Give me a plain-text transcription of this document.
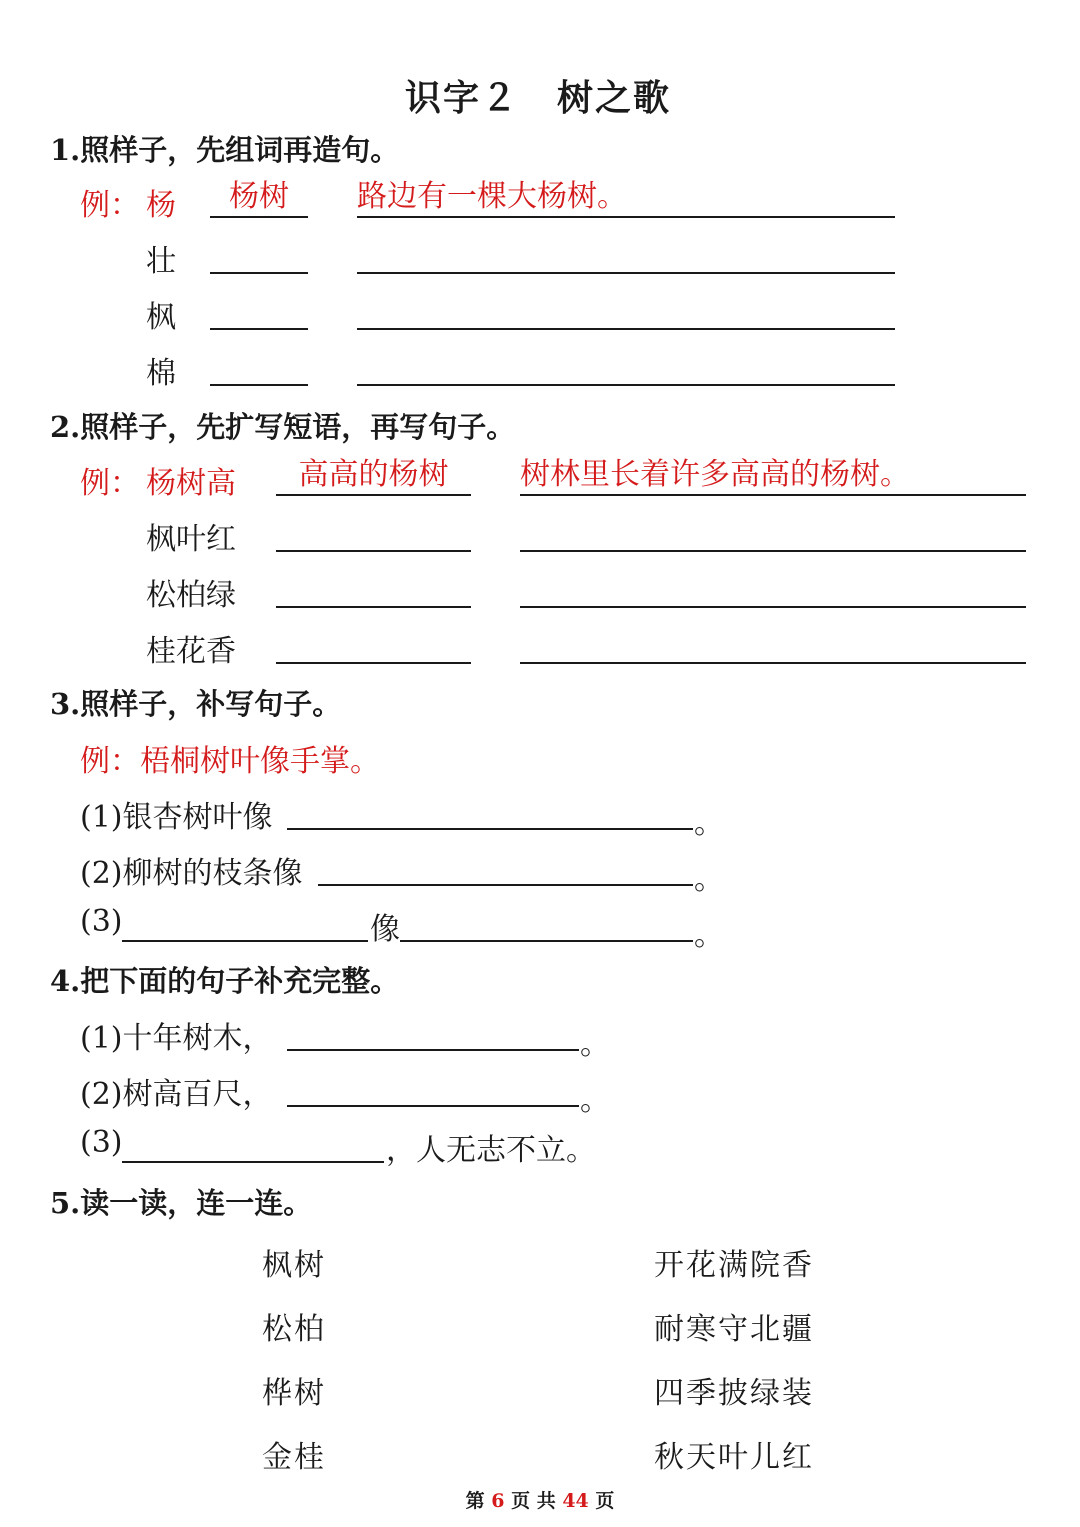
识字２　树之歌
1.照样子，先组词再造句。
例： 杨	杨树	路边有一棵大杨树。
壮
枫
棉
2.照样子，先扩写短语，再写句子。
例： 杨树高	高高的杨树	树林里长着许多高高的杨树。
枫叶红
松柏绿
桂花香
3.照样子，补写句子。
例：梧桐树叶像手掌。
(1)银杏树叶像	。
(2)柳树的枝条像	。
(3)	像	。
4.把下面的句子补充完整。
(1)十年树木，	。
(2)树高百尺，	。
(3)	，人无志不立。
5.读一读，连一连。
枫树
松柏
桦树
金桂
开花满院香
耐寒守北疆
四季披绿装
秋天叶儿红
第 6 页 共 44 页
